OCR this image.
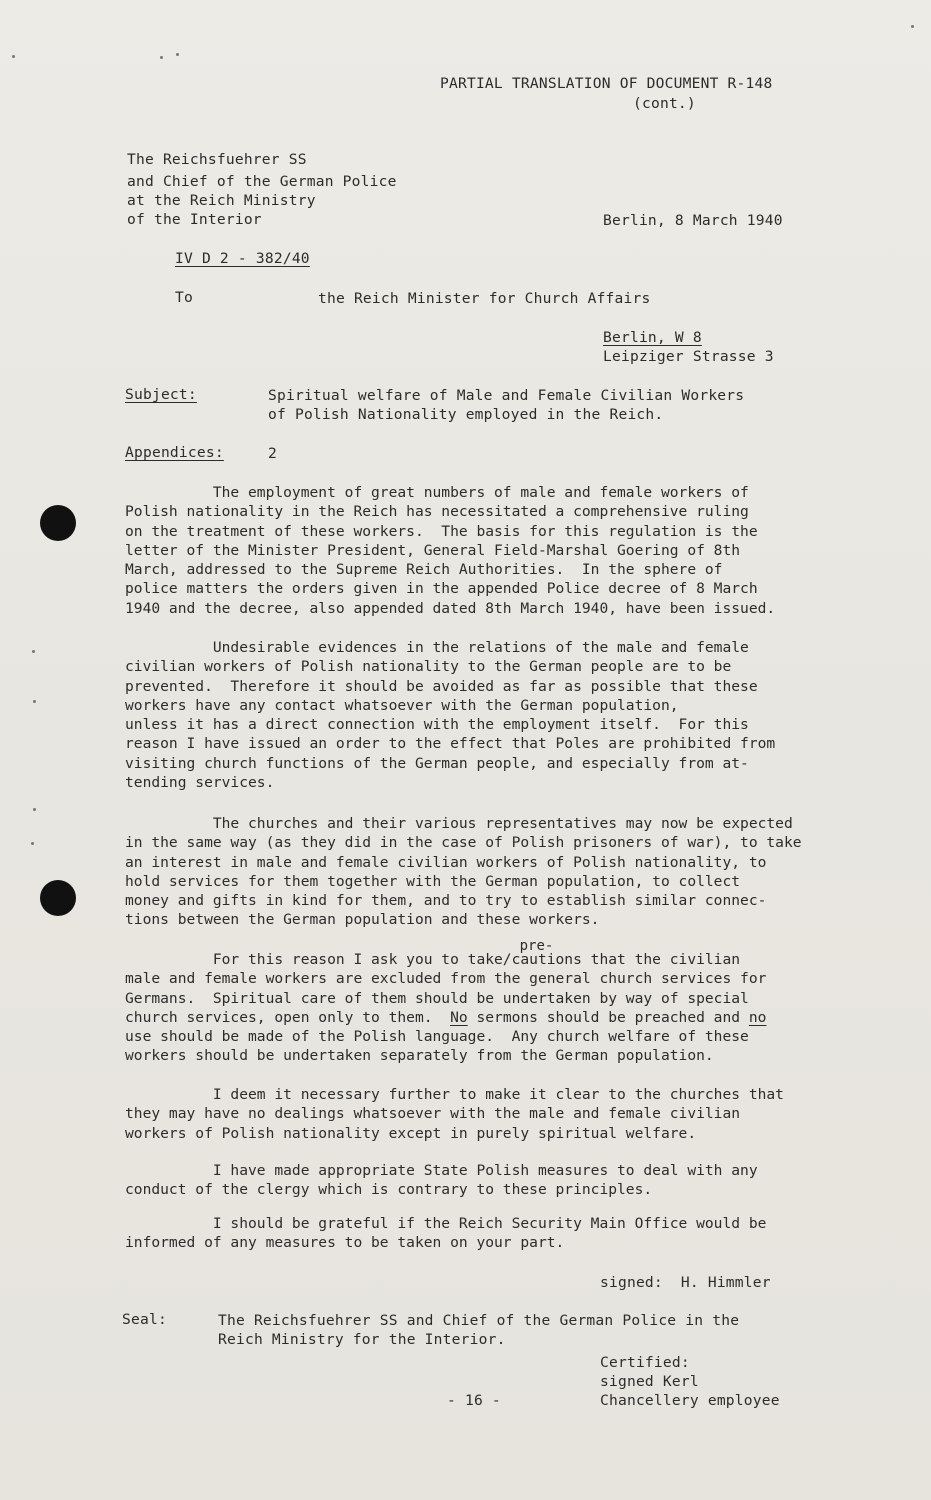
PARTIAL TRANSLATION OF DOCUMENT R-148
(cont.)
The Reichsfuehrer SS
and Chief of the German Police
at the Reich Ministry
of the Interior	Berlin, 8 March 1940
IV D 2 - 382/40
To	the Reich Minister for Church Affairs
Berlin, W 8
Leipziger Strasse 3
Subject:	Spiritual welfare of Male and Female Civilian Workers
of Polish Nationality employed in the Reich.
Appendices:	2
The employment of great numbers of male and female workers of
Polish nationality in the Reich has necessitated a comprehensive ruling
on the treatment of these workers.  The basis for this regulation is the
letter of the Minister President, General Field-Marshal Goering of 8th
March, addressed to the Supreme Reich Authorities.  In the sphere of
police matters the orders given in the appended Police decree of 8 March
1940 and the decree, also appended dated 8th March 1940, have been issued.
Undesirable evidences in the relations of the male and female
civilian workers of Polish nationality to the German people are to be
prevented.  Therefore it should be avoided as far as possible that these
workers have any contact whatsoever with the German population,
unless it has a direct connection with the employment itself.  For this
reason I have issued an order to the effect that Poles are prohibited from
visiting church functions of the German people, and especially from at-
tending services.
The churches and their various representatives may now be expected
in the same way (as they did in the case of Polish prisoners of war), to take
an interest in male and female civilian workers of Polish nationality, to
hold services for them together with the German population, to collect
money and gifts in kind for them, and to try to establish similar connec-
tions between the German population and these workers.
For this reason I ask you to take/
pre-
cautions that the civilian
male and female workers are excluded from the general church services for
Germans.  Spiritual care of them should be undertaken by way of special
church services, open only to them.  No sermons should be preached and no
use should be made of the Polish language.  Any church welfare of these
workers should be undertaken separately from the German population.
I deem it necessary further to make it clear to the churches that
they may have no dealings whatsoever with the male and female civilian
workers of Polish nationality except in purely spiritual welfare.
I have made appropriate State Polish measures to deal with any
conduct of the clergy which is contrary to these principles.
I should be grateful if the Reich Security Main Office would be
informed of any measures to be taken on your part.
signed:  H. Himmler
Seal:	The Reichsfuehrer SS and Chief of the German Police in the
Reich Ministry for the Interior.
Certified:
signed Kerl
Chancellery employee
- 16 -
